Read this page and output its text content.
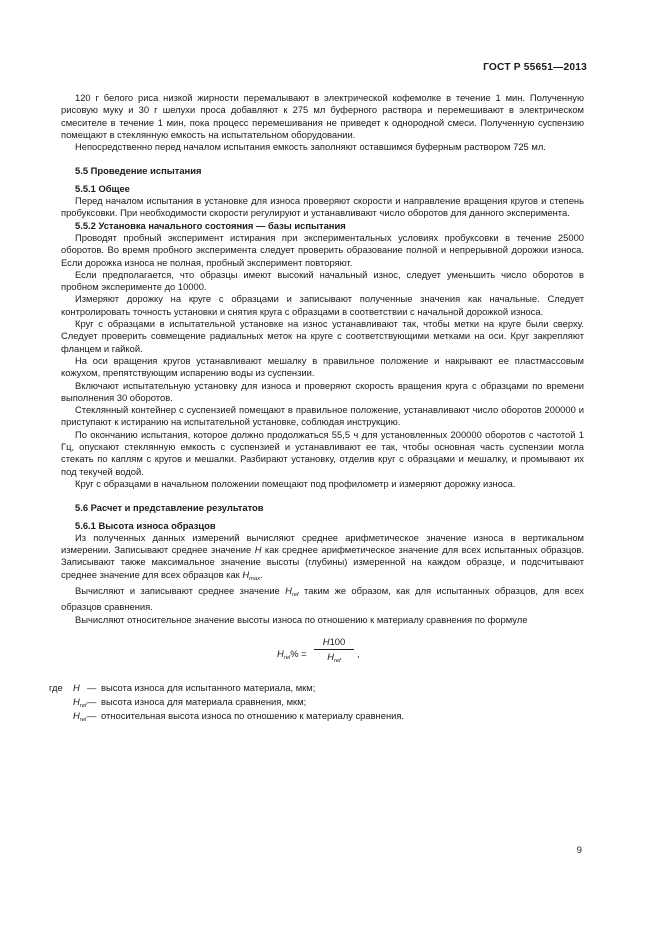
ГОСТ Р 55651—2013

120 г белого риса низкой жирности перемалывают в электрической кофемолке в течение 1 мин. Полученную рисовую муку и 30 г шелухи проса добавляют к 275 мл буферного раствора и перемешивают в электрическом смесителе в течение 1 мин, пока процесс перемешивания не приведет к однородной смеси. Полученную суспензию помещают в стеклянную емкость на испытательном оборудовании.

Непосредственно перед началом испытания емкость заполняют оставшимся буферным раствором 725 мл.

5.5 Проведение испытания

5.5.1 Общее

Перед началом испытания в установке для износа проверяют скорости и направление вращения кругов и степень пробуксовки. При необходимости скорости регулируют и устанавливают число оборотов для данного эксперимента.

5.5.2 Установка начального состояния — базы испытания

Проводят пробный эксперимент истирания при экспериментальных условиях пробуксовки в течение 25000 оборотов. Во время пробного эксперимента следует проверить образование полной и непрерывной дорожки износа. Если дорожка износа не полная, пробный эксперимент повторяют.

Если предполагается, что образцы имеют высокий начальный износ, следует уменьшить число оборотов в пробном эксперименте до 10000.

Измеряют дорожку на круге с образцами и записывают полученные значения как начальные. Следует контролировать точность установки и снятия круга с образцами в соответствии с начальной дорожкой износа.

Круг с образцами в испытательной установке на износ устанавливают так, чтобы метки на круге были сверху. Следует проверить совмещение радиальных меток на круге с соответствующими метками на оси. Круг закрепляют фланцем и гайкой.

На оси вращения кругов устанавливают мешалку в правильное положение и накрывают ее пластмассовым кожухом, препятствующим испарению воды из суспензии.

Включают испытательную установку для износа и проверяют скорость вращения круга с образцами по времени выполнения 30 оборотов.

Стеклянный контейнер с суспензией помещают в правильное положение, устанавливают число оборотов 200000 и приступают к истиранию на испытательной установке, соблюдая инструкцию.

По окончанию испытания, которое должно продолжаться 55,5 ч для установленных 200000 оборотов с частотой 1 Гц, опускают стеклянную емкость с суспензией и устанавливают ее так, чтобы основная часть суспензии могла стекать по каплям с кругов и мешалки. Разбирают установку, отделив круг с образцами и мешалку, и промывают их под текучей водой.

Круг с образцами в начальном положении помещают под профилометр и измеряют дорожку износа.

5.6 Расчет и представление результатов

5.6.1 Высота износа образцов

Из полученных данных измерений вычисляют среднее арифметическое значение износа в вертикальном измерении. Записывают среднее значение H как среднее арифметическое значение для всех испытанных образцов. Записывают также максимальное значение высоты (глубины) измеренной на каждом образце, и подсчитывают среднее значение для всех образцов как $H_{max}$.

Вычисляют и записывают среднее значение $H_{ref}$ таким же образом, как для испытанных образцов, для всех образцов сравнения.

Вычисляют относительное значение высоты износа по отношению к материалу сравнения по формуле

$H_{rel}\%$ =
H100
$H_{ref}$
,
где H — высота износа для испытанного материала, мкм;
$H_{ref}$ — высота износа для материала сравнения, мкм;
$H_{rel}$ — относительная высота износа по отношению к материалу сравнения.
9
